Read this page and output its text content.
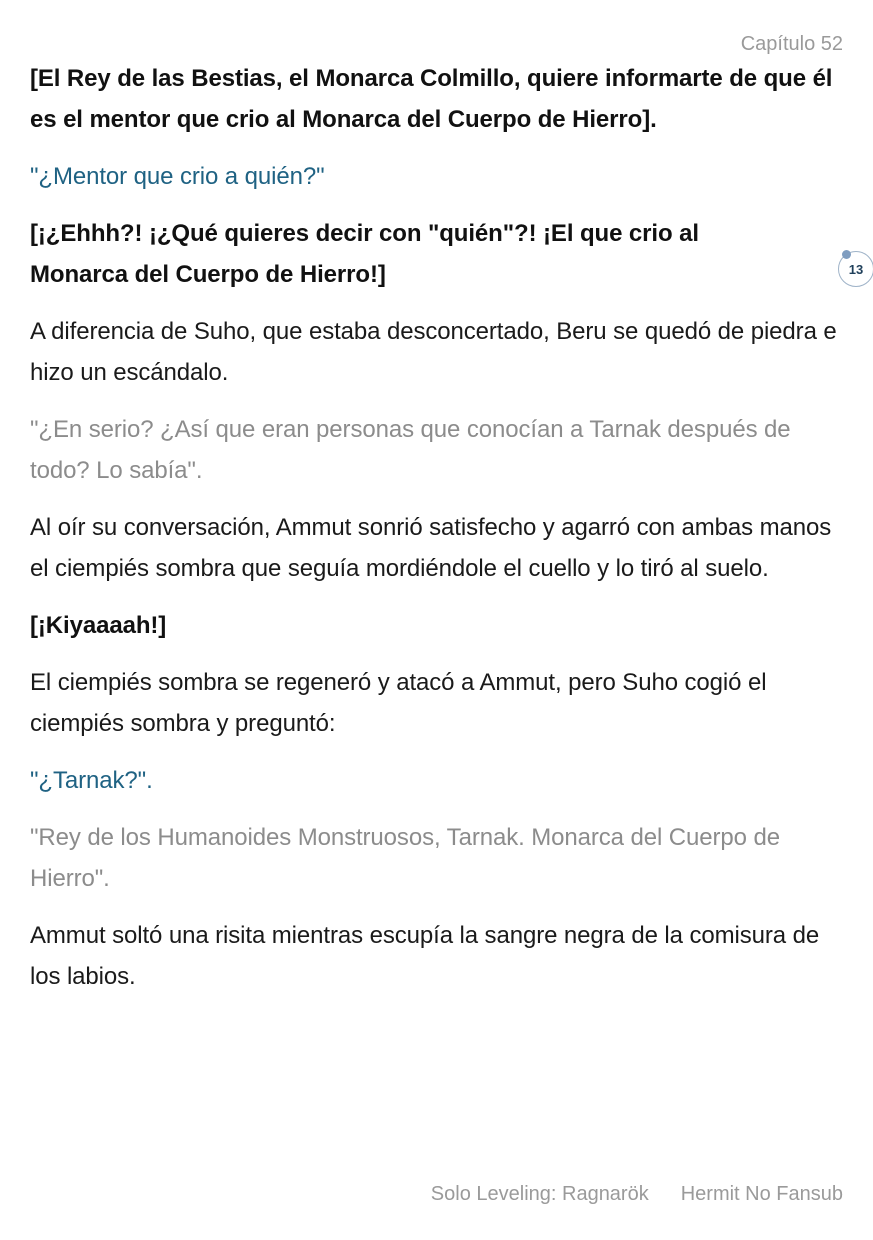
Capítulo 52

[El Rey de las Bestias, el Monarca Colmillo, quiere informarte de que él es el mentor que crio al Monarca del Cuerpo de Hierro].

"¿Mentor que crio a quién?"

[¡¿Ehhh?! ¡¿Qué quieres decir con "quién"?! ¡El que crio al Monarca del Cuerpo de Hierro!]

A diferencia de Suho, que estaba desconcertado, Beru se quedó de piedra e hizo un escándalo.

"¿En serio? ¿Así que eran personas que conocían a Tarnak después de todo? Lo sabía".

Al oír su conversación, Ammut sonrió satisfecho y agarró con ambas manos el ciempiés sombra que seguía mordiéndole el cuello y lo tiró al suelo.

[¡Kiyaaaah!]

El ciempiés sombra se regeneró y atacó a Ammut, pero Suho cogió el ciempiés sombra y preguntó:

"¿Tarnak?".

"Rey de los Humanoides Monstruosos, Tarnak. Monarca del Cuerpo de Hierro".

Ammut soltó una risita mientras escupía la sangre negra de la comisura de los labios.

13
Solo Leveling: Ragnarök Hermit No Fansub
